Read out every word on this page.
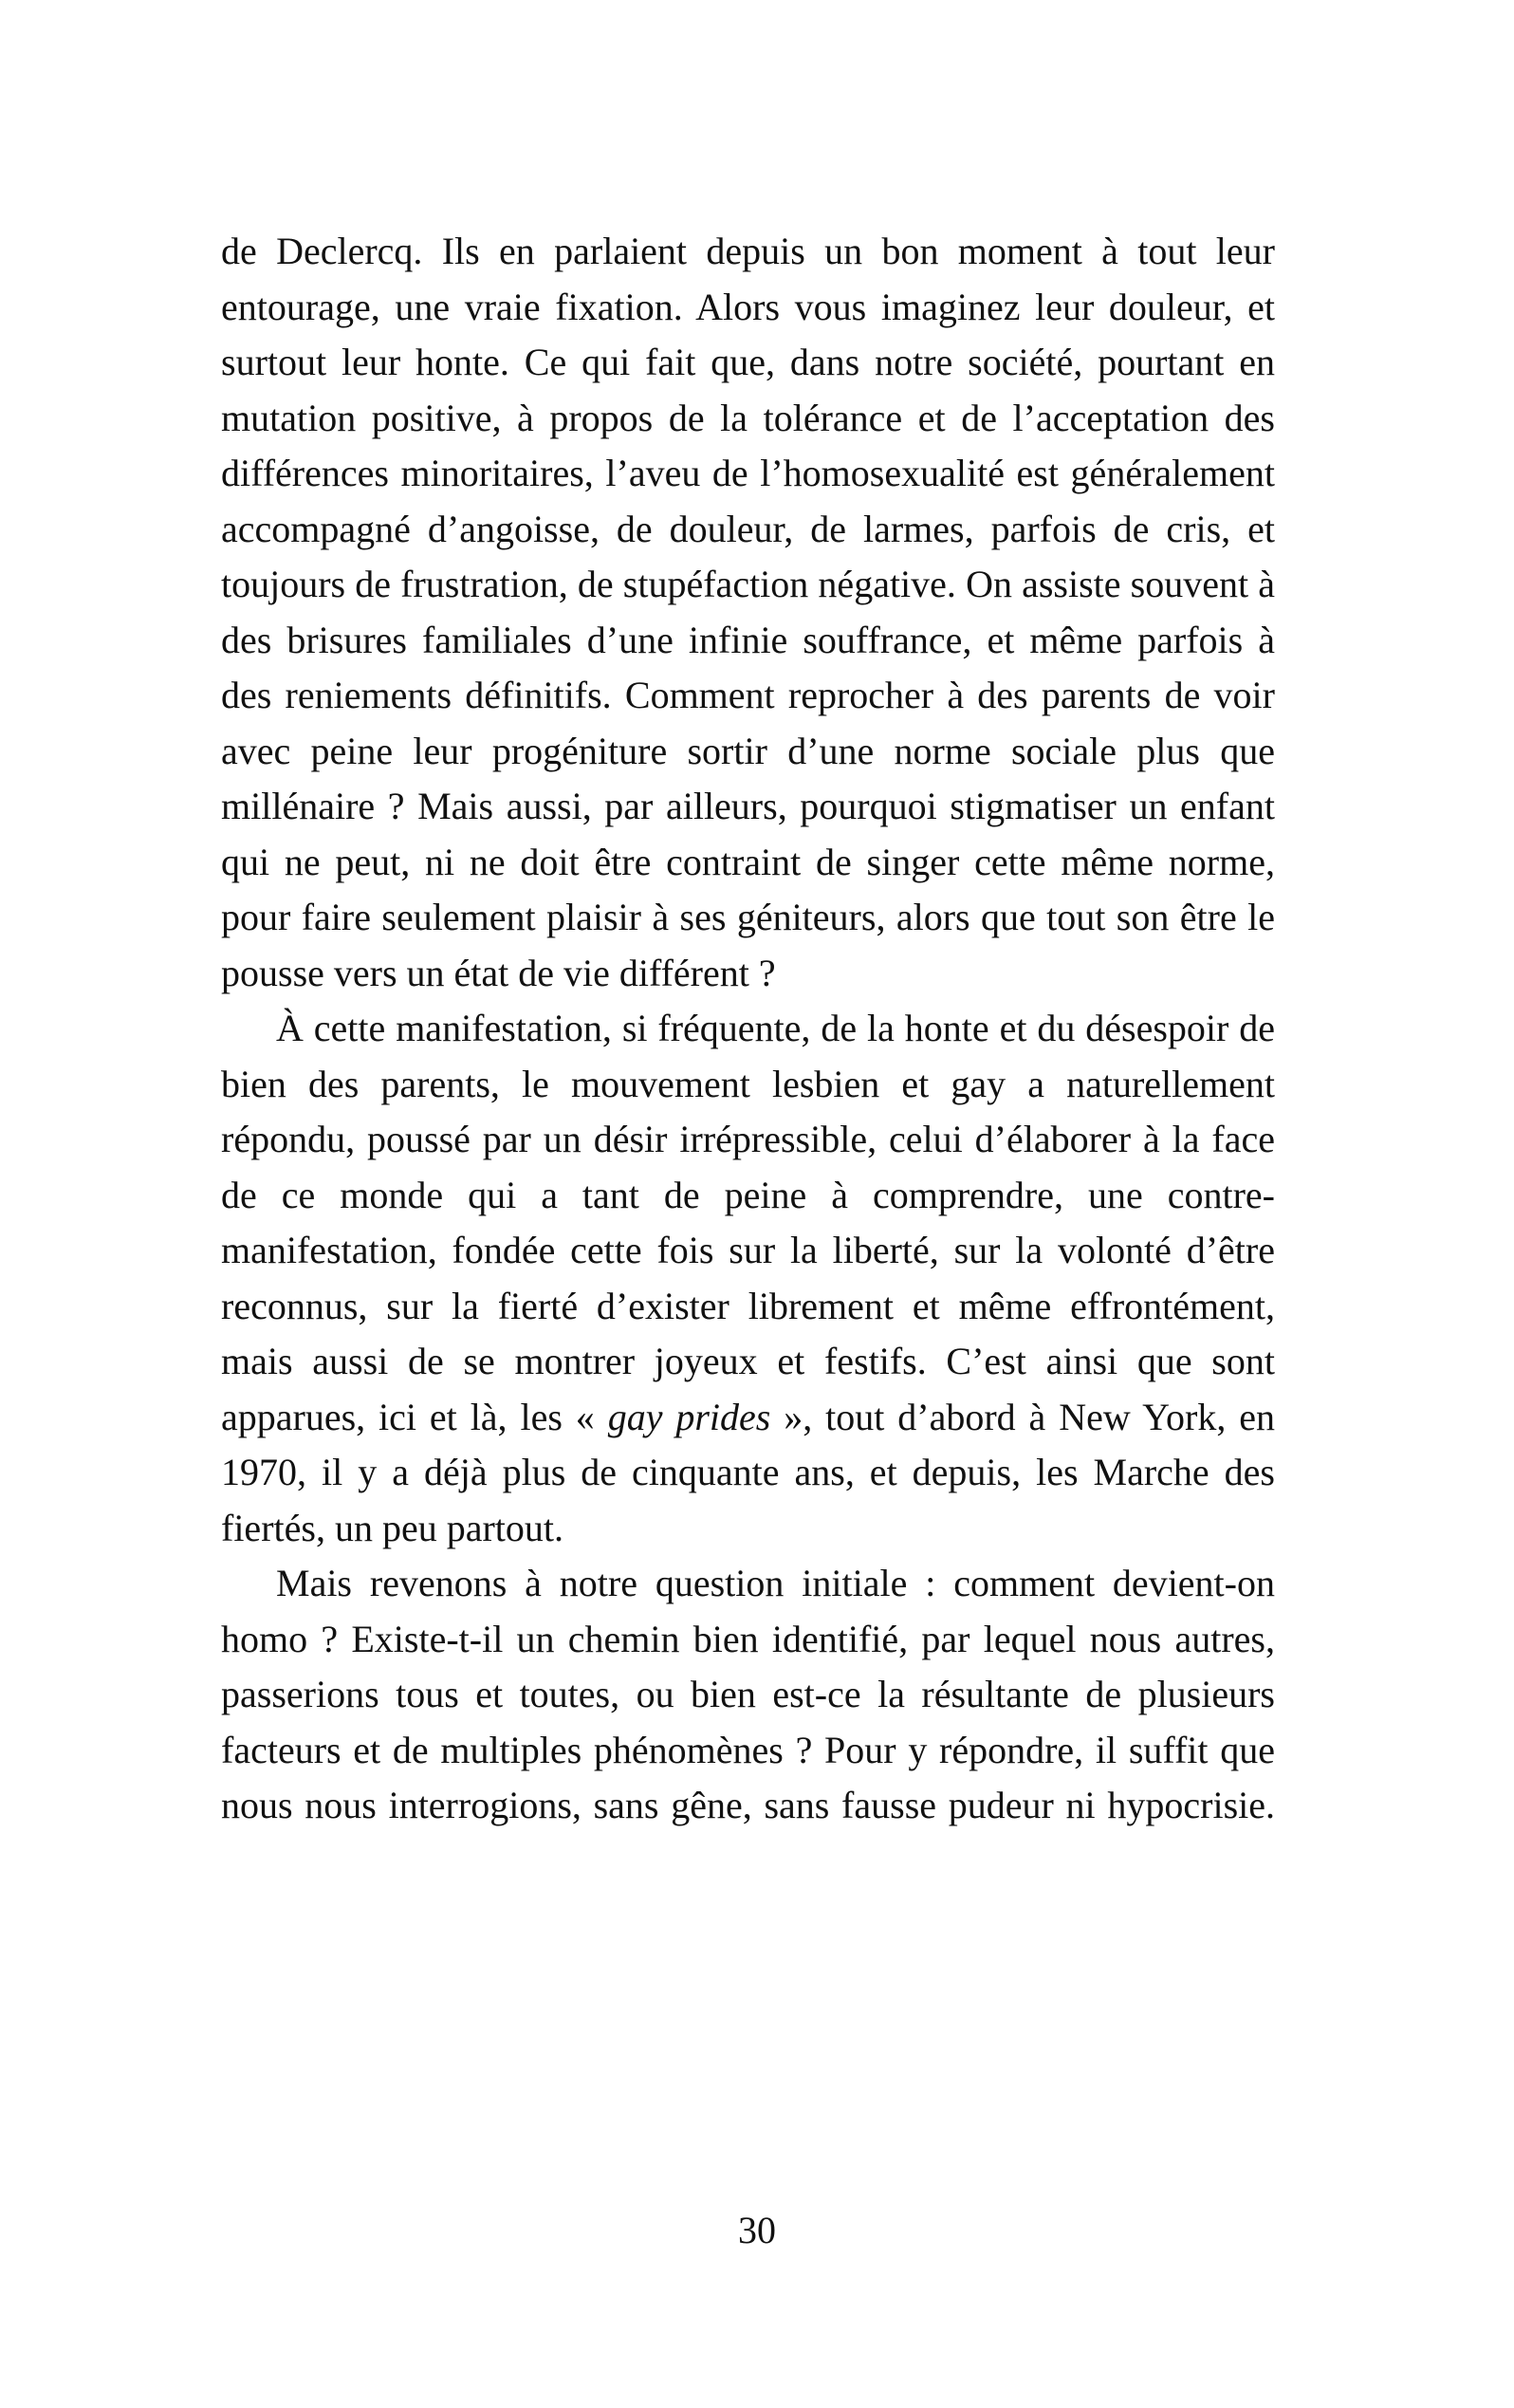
de Declercq. Ils en parlaient depuis un bon moment à tout leur entourage, une vraie fixation. Alors vous imaginez leur douleur, et surtout leur honte. Ce qui fait que, dans notre société, pourtant en mutation positive, à propos de la tolérance et de l’acceptation des différences minoritaires, l’aveu de l’homosexualité est généralement accompagné d’angoisse, de douleur, de larmes, parfois de cris, et toujours de frustration, de stupéfaction négative. On assiste souvent à des brisures familiales d’une infinie souffrance, et même parfois à des reniements définitifs. Comment reprocher à des parents de voir avec peine leur progéniture sortir d’une norme sociale plus que millénaire ? Mais aussi, par ailleurs, pourquoi stigmatiser un enfant qui ne peut, ni ne doit être contraint de singer cette même norme, pour faire seulement plaisir à ses géniteurs, alors que tout son être le pousse vers un état de vie différent ?

À cette manifestation, si fréquente, de la honte et du désespoir de bien des parents, le mouvement lesbien et gay a naturellement répondu, poussé par un désir irrépressible, celui d’élaborer à la face de ce monde qui a tant de peine à comprendre, une contre-manifestation, fondée cette fois sur la liberté, sur la volonté d’être reconnus, sur la fierté d’exister librement et même effrontément, mais aussi de se montrer joyeux et festifs. C’est ainsi que sont apparues, ici et là, les « gay prides », tout d’abord à New York, en 1970, il y a déjà plus de cinquante ans, et depuis, les Marche des fiertés, un peu partout.

Mais revenons à notre question initiale : comment devient-on homo ? Existe-t-il un chemin bien identifié, par lequel nous autres, passerions tous et toutes, ou bien est-ce la résultante de plusieurs facteurs et de multiples phénomènes ? Pour y répondre, il suffit que nous nous interrogions, sans gêne, sans fausse pudeur ni hypocrisie.

30
